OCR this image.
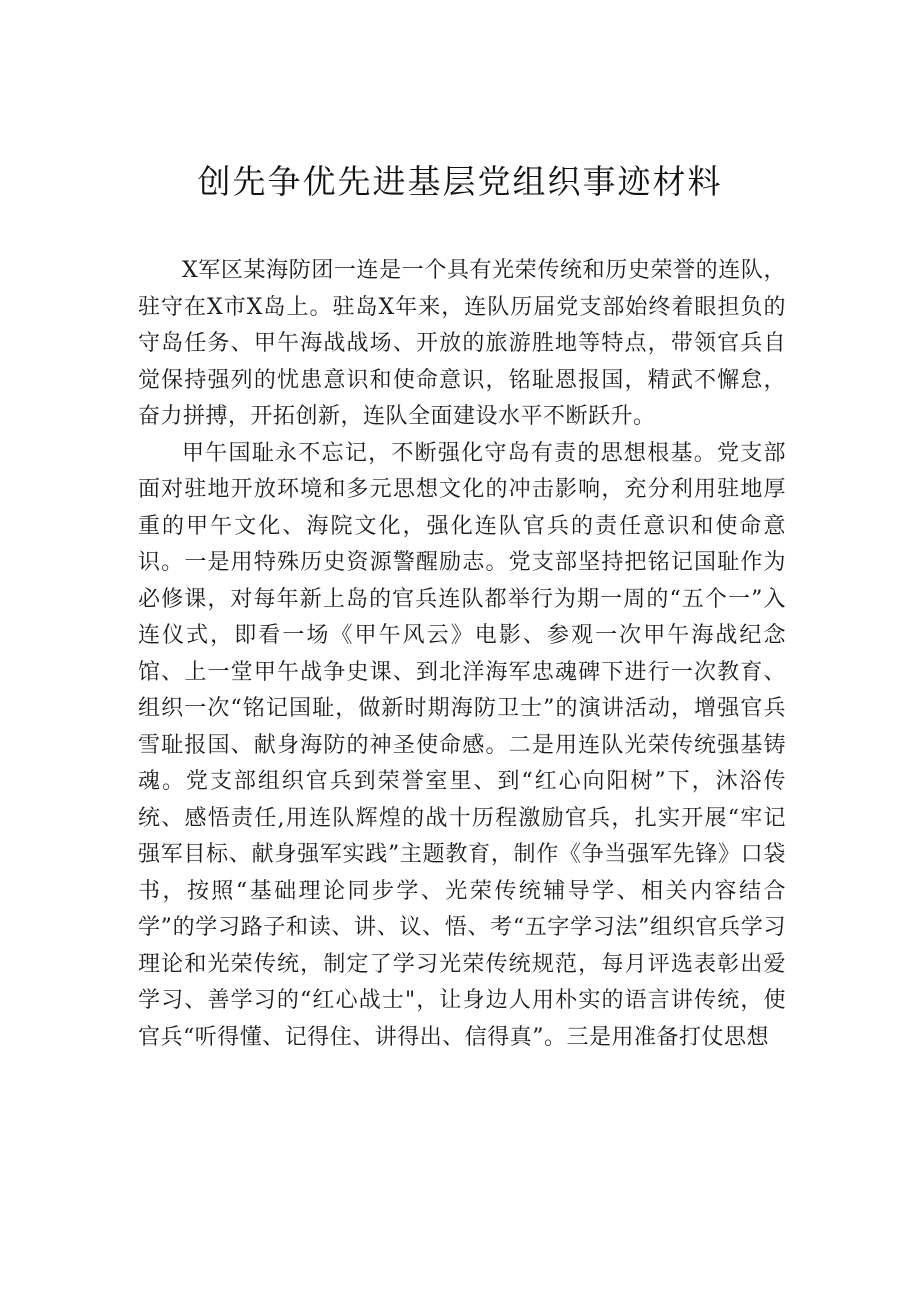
创先争优先进基层党组织事迹材料

X军区某海防团一连是一个具有光荣传统和历史荣誉的连队，驻守在X市X岛上。驻岛X年来，连队历届党支部始终着眼担负的守岛任务、甲午海战战场、开放的旅游胜地等特点，带领官兵自觉保持强列的忧患意识和使命意识，铭耻恩报国，精武不懈怠，奋力拼搏，开拓创新，连队全面建设水平不断跃升。

甲午国耻永不忘记，不断强化守岛有责的思想根基。党支部面对驻地开放环境和多元思想文化的冲击影响，充分利用驻地厚重的甲午文化、海院文化，强化连队官兵的责任意识和使命意识。一是用特殊历史资源警醒励志。党支部坚持把铭记国耻作为必修课，对每年新上岛的官兵连队都举行为期一周的“五个一”入连仪式，即看一场《甲午风云》电影、参观一次甲午海战纪念馆、上一堂甲午战争史课、到北洋海军忠魂碑下进行一次教育、组织一次“铭记国耻，做新时期海防卫士”的演讲活动，增强官兵雪耻报国、献身海防的神圣使命感。二是用连队光荣传统强基铸魂。党支部组织官兵到荣誉室里、到“红心向阳树”下，沐浴传统、感悟责任,用连队辉煌的战十历程激励官兵，扎实开展“牢记强军目标、献身强军实践”主题教育，制作《争当强军先锋》口袋书，按照“基础理论同步学、光荣传统辅导学、相关内容结合学”的学习路子和读、讲、议、悟、考“五字学习法”组织官兵学习理论和光荣传统，制定了学习光荣传统规范，每月评选表彰出爱学习、善学习的“红心战士"，让身边人用朴实的语言讲传统，使官兵“听得懂、记得住、讲得出、信得真”。三是用准备打仗思想
